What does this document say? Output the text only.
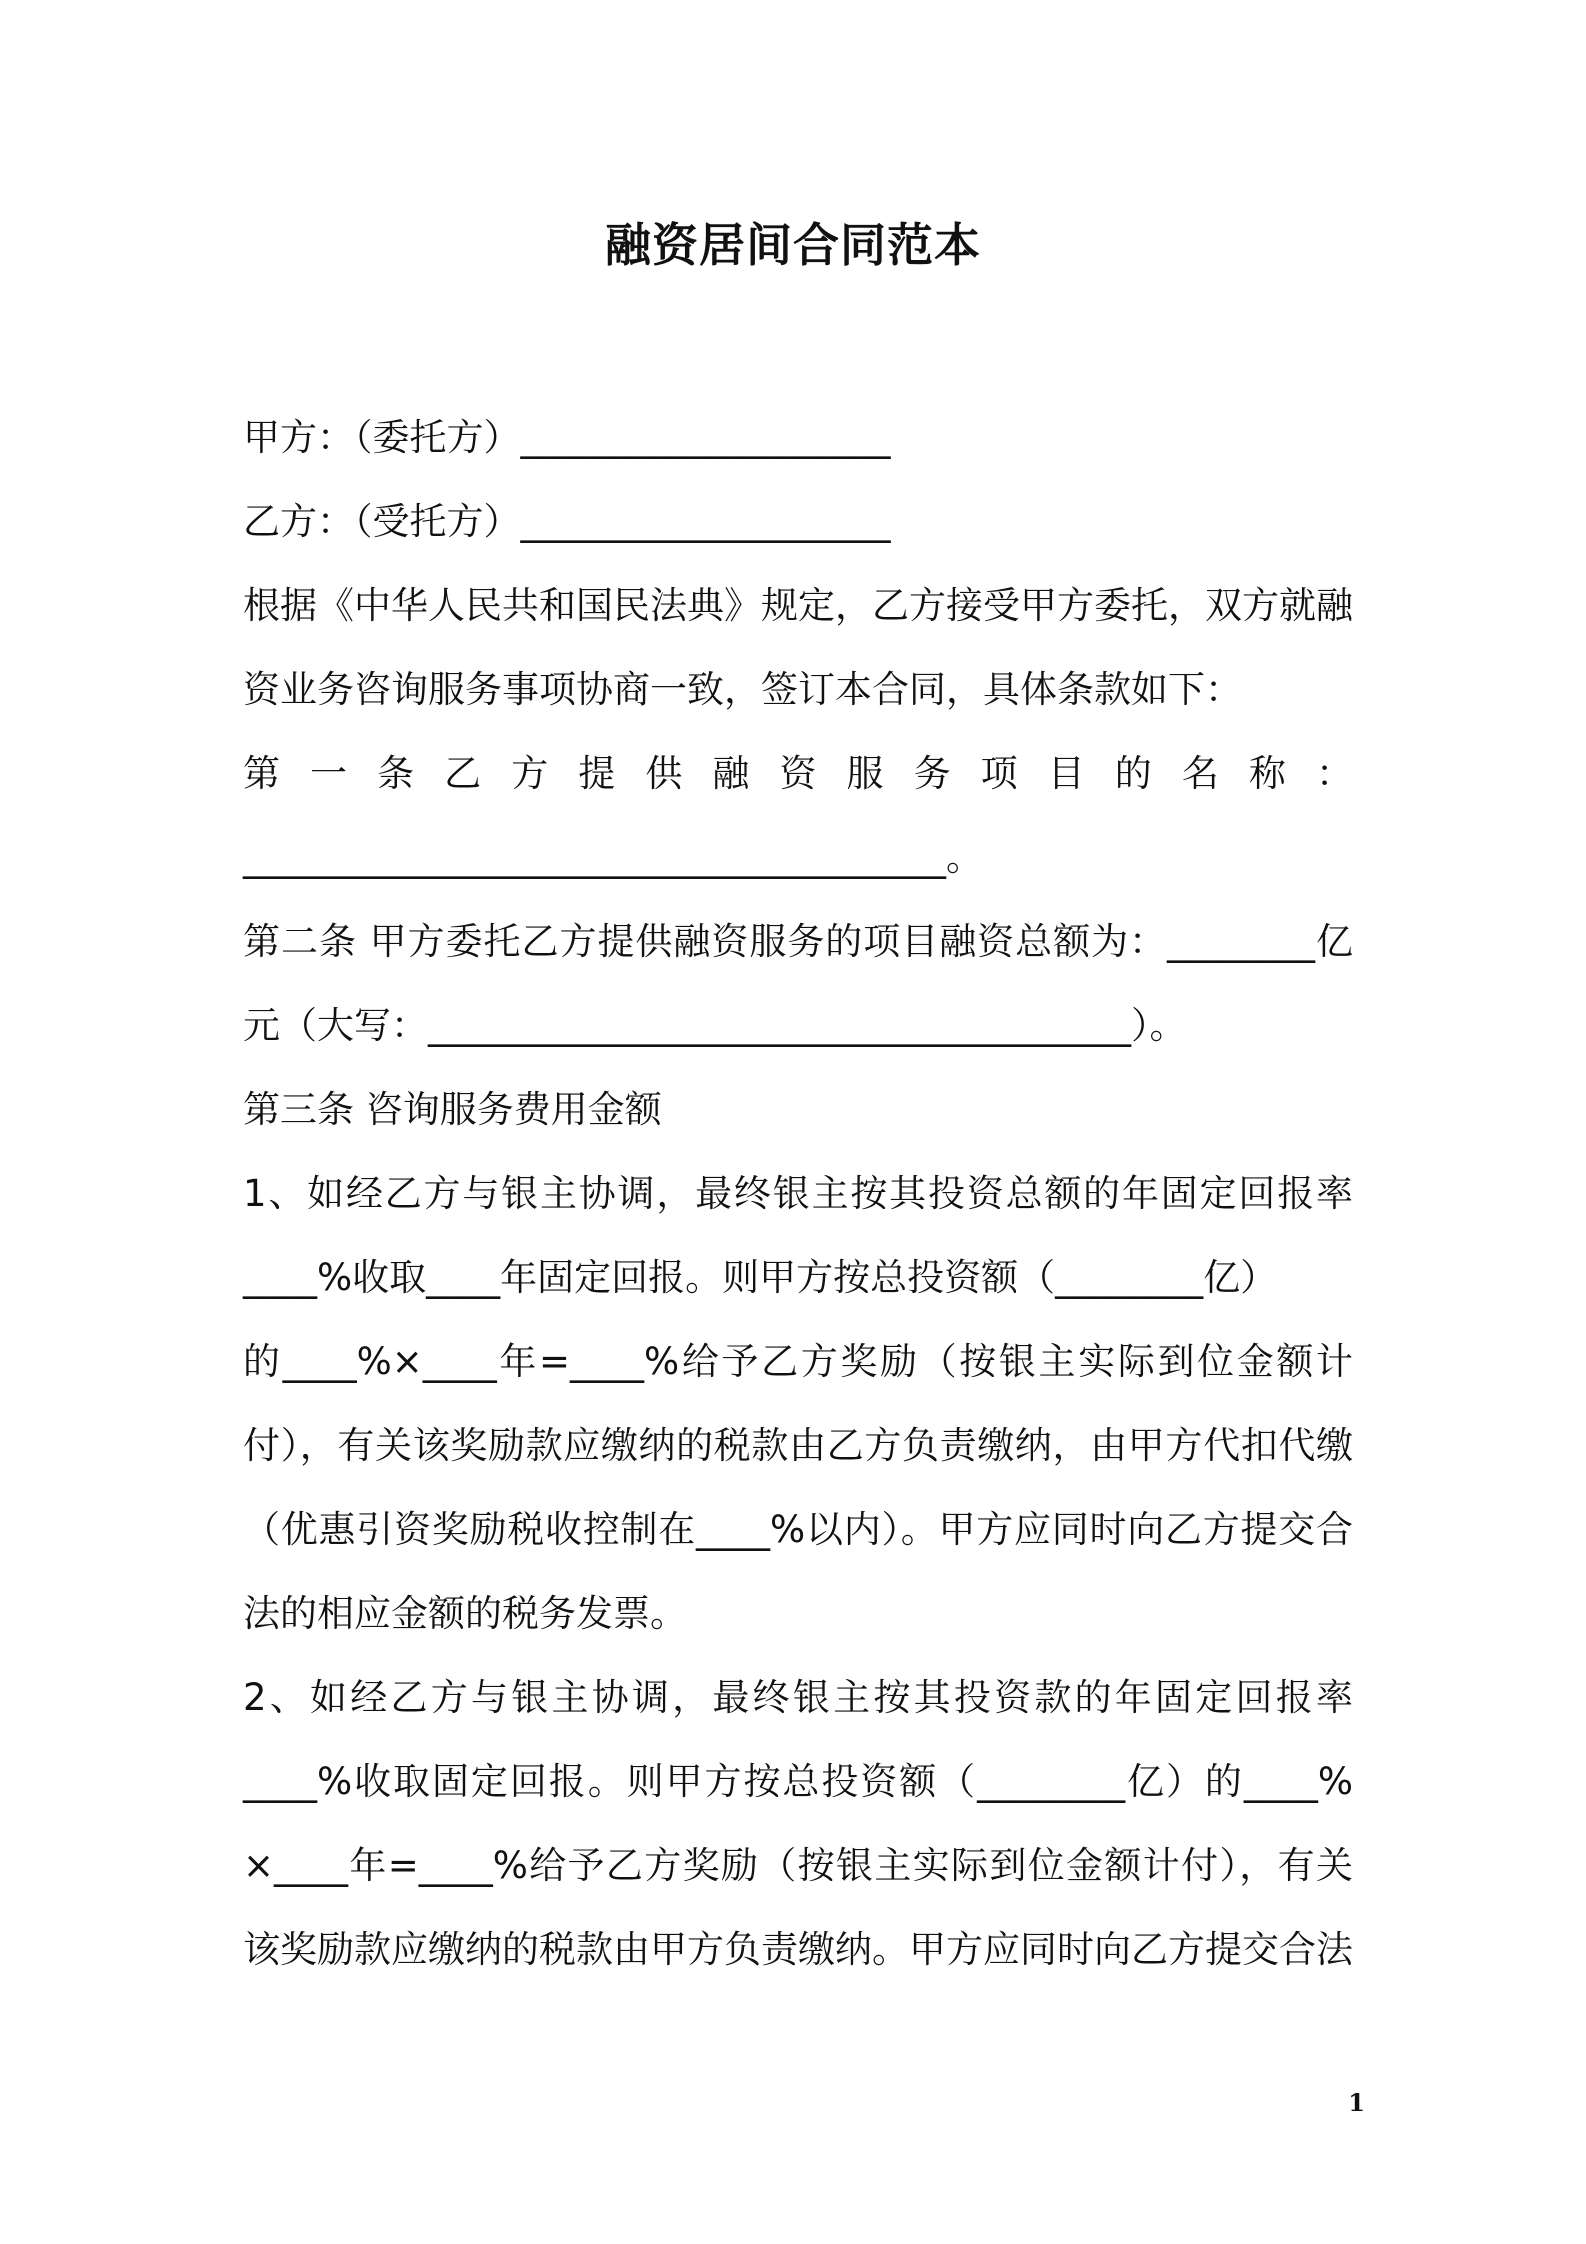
融资居间合同范本
甲方：（委托方）____________________
乙方：（受托方）____________________
根据《中华人民共和国民法典》规定，乙方接受甲方委托，双方就融
资业务咨询服务事项协商一致，签订本合同，具体条款如下：
第 一 条 乙 方 提 供 融 资 服 务 项 目 的 名 称 ：
______________________________________。
第二条 甲方委托乙方提供融资服务的项目融资总额为：________亿
元（大写：______________________________________）。
第三条 咨询服务费用金额
1、如经乙方与银主协调，最终银主按其投资总额的年固定回报率
____%收取____年固定回报。则甲方按总投资额（________亿）
的____%×____年=____%给予乙方奖励（按银主实际到位金额计
付），有关该奖励款应缴纳的税款由乙方负责缴纳，由甲方代扣代缴
（优惠引资奖励税收控制在____%以内）。甲方应同时向乙方提交合
法的相应金额的税务发票。
2、如经乙方与银主协调，最终银主按其投资款的年固定回报率
____%收取固定回报。则甲方按总投资额（________亿）的____%
×____年=____%给予乙方奖励（按银主实际到位金额计付），有关
该奖励款应缴纳的税款由甲方负责缴纳。甲方应同时向乙方提交合法
1
